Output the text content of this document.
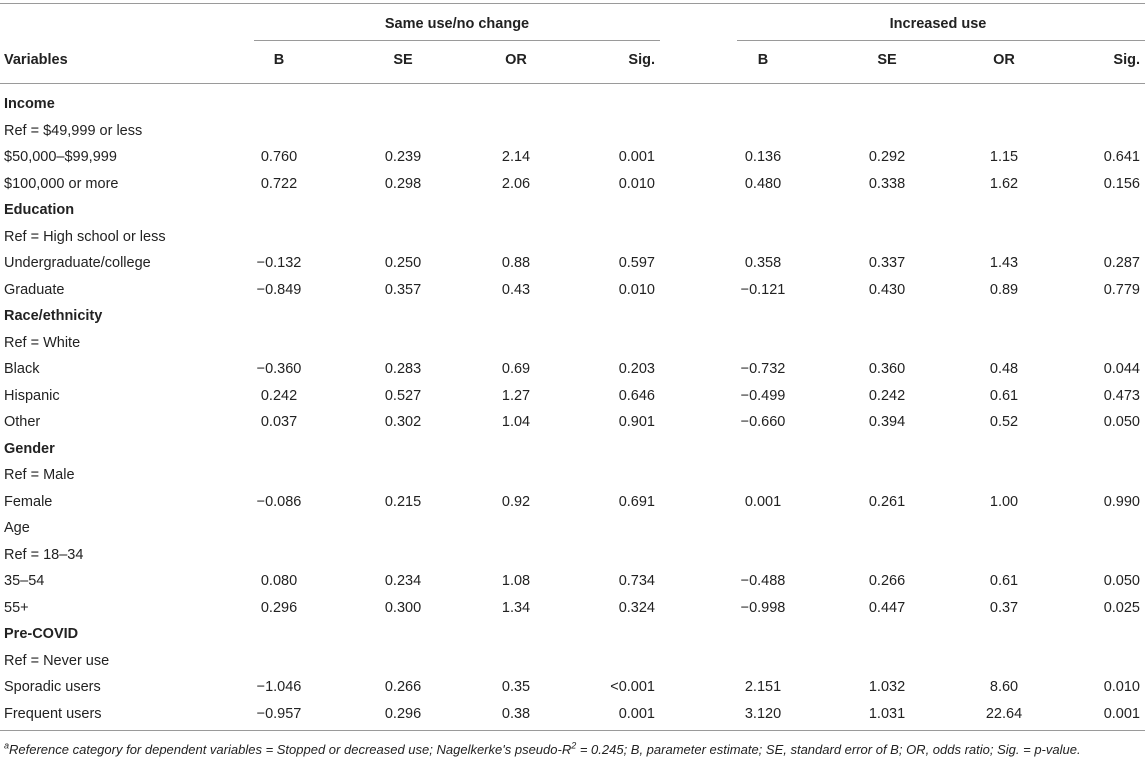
Same use/no change	Increased use
Variables	B	SE	OR	Sig.	B	SE	OR	Sig.
Income
Ref = $49,999 or less
$50,000–$99,999	0.760	0.239	2.14	0.001	0.136	0.292	1.15	0.641
$100,000 or more	0.722	0.298	2.06	0.010	0.480	0.338	1.62	0.156
Education
Ref = High school or less
Undergraduate/college	−0.132	0.250	0.88	0.597	0.358	0.337	1.43	0.287
Graduate	−0.849	0.357	0.43	0.010	−0.121	0.430	0.89	0.779
Race/ethnicity
Ref = White
Black	−0.360	0.283	0.69	0.203	−0.732	0.360	0.48	0.044
Hispanic	0.242	0.527	1.27	0.646	−0.499	0.242	0.61	0.473
Other	0.037	0.302	1.04	0.901	−0.660	0.394	0.52	0.050
Gender
Ref = Male
Female	−0.086	0.215	0.92	0.691	0.001	0.261	1.00	0.990
Age
Ref = 18–34
35–54	0.080	0.234	1.08	0.734	−0.488	0.266	0.61	0.050
55+	0.296	0.300	1.34	0.324	−0.998	0.447	0.37	0.025
Pre-COVID
Ref = Never use
Sporadic users	−1.046	0.266	0.35	<0.001	2.151	1.032	8.60	0.010
Frequent users	−0.957	0.296	0.38	0.001	3.120	1.031	22.64	0.001
$^a$Reference category for dependent variables = Stopped or decreased use; Nagelkerke's pseudo-$R^2 = 0.245$; B, parameter estimate; SE, standard error of B; OR, odds ratio; Sig. = p-value.
